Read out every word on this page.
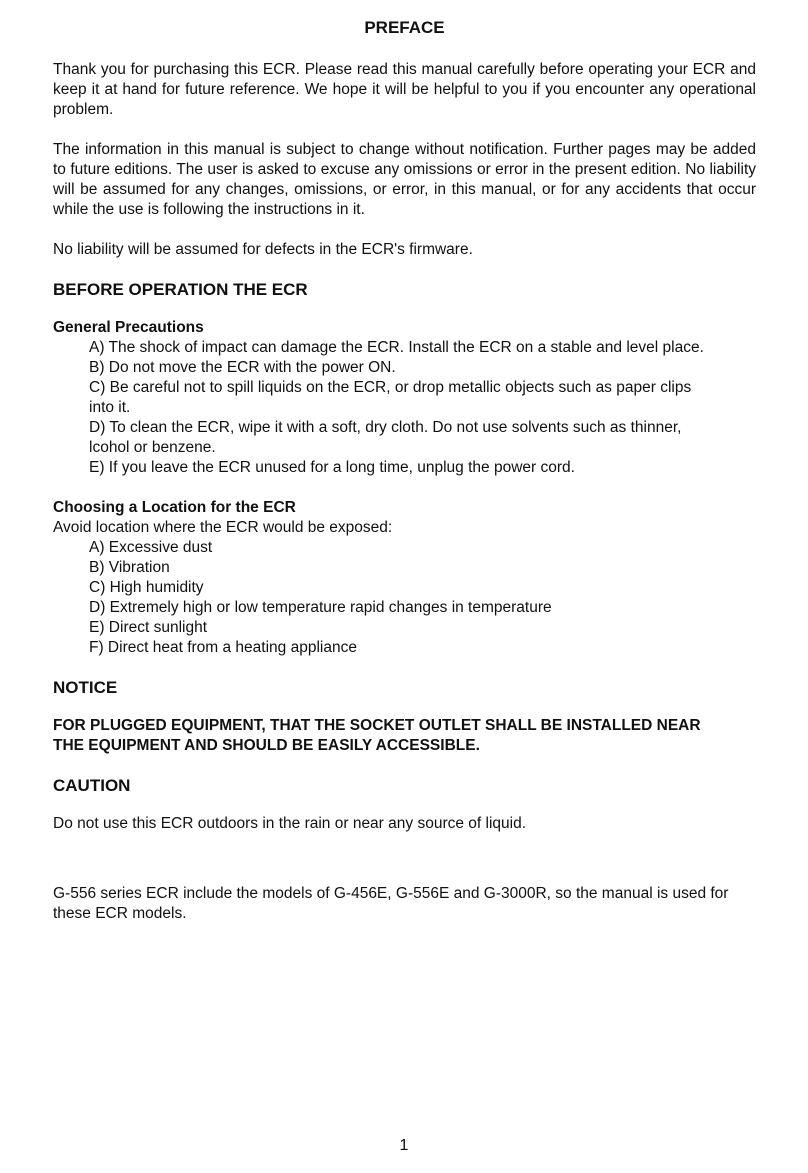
PREFACE

Thank you for purchasing this ECR. Please read this manual carefully before operating your ECR and keep it at hand for future reference. We hope it will be helpful to you if you encounter any operational problem.

The information in this manual is subject to change without notification. Further pages may be added to future editions. The user is asked to excuse any omissions or error in the present edition. No liability will be assumed for any changes, omissions, or error, in this manual, or for any accidents that occur while the use is following the instructions in it.

No liability will be assumed for defects in the ECR's firmware.

BEFORE OPERATION THE ECR
General Precautions
A) The shock of impact can damage the ECR. Install the ECR on a stable and level place.
B) Do not move the ECR with the power ON.
C) Be careful not to spill liquids on the ECR, or drop metallic objects such as paper clips
into it.
D) To clean the ECR, wipe it with a soft, dry cloth. Do not use solvents such as thinner,
lcohol or benzene.
E) If you leave the ECR unused for a long time, unplug the power cord.
Choosing a Location for the ECR

Avoid location where the ECR would be exposed:

A) Excessive dust
B) Vibration
C) High humidity
D) Extremely high or low temperature rapid changes in temperature
E) Direct sunlight
F) Direct heat from a heating appliance
NOTICE
FOR PLUGGED EQUIPMENT, THAT THE SOCKET OUTLET SHALL BE INSTALLED NEAR
THE EQUIPMENT AND SHOULD BE EASILY ACCESSIBLE.
CAUTION

Do not use this ECR outdoors in the rain or near any source of liquid.

G-556 series ECR include the models of G-456E, G-556E and G-3000R, so the manual is used for these ECR models.

1
